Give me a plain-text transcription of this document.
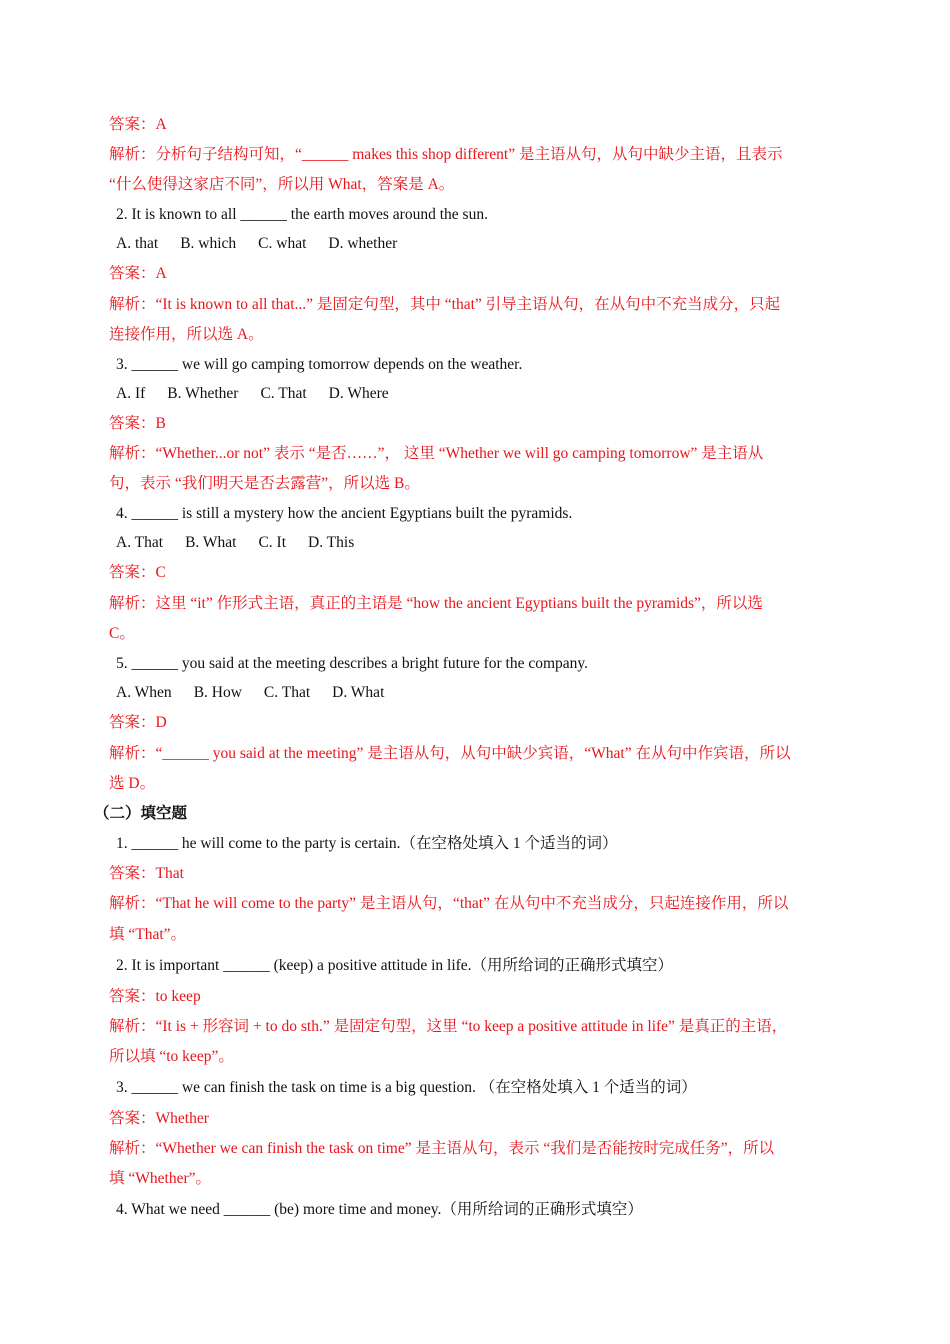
答案：A
解析：分析句子结构可知，“______ makes this shop different” 是主语从句，从句中缺少主语，且表示
“什么使得这家店不同”，所以用 What，答案是 A。
2. It is known to all ______ the earth moves around the sun.
A. that B. which C. what D. whether
答案：A
解析：“It is known to all that...” 是固定句型，其中 “that” 引导主语从句，在从句中不充当成分，只起
连接作用，所以选 A。
3. ______ we will go camping tomorrow depends on the weather.
A. If B. Whether C. That D. Where
答案：B
解析：“Whether...or not” 表示 “是否……”， 这里 “Whether we will go camping tomorrow” 是主语从
句，表示 “我们明天是否去露营”，所以选 B。
4. ______ is still a mystery how the ancient Egyptians built the pyramids.
A. That B. What C. It D. This
答案：C
解析：这里 “it” 作形式主语，真正的主语是 “how the ancient Egyptians built the pyramids”，所以选
C。
5. ______ you said at the meeting describes a bright future for the company.
A. When B. How C. That D. What
答案：D
解析：“______ you said at the meeting” 是主语从句，从句中缺少宾语，“What” 在从句中作宾语，所以
选 D。
（二）填空题
1. ______ he will come to the party is certain.（在空格处填入 1 个适当的词）
答案：That
解析：“That he will come to the party” 是主语从句，“that” 在从句中不充当成分，只起连接作用，所以
填 “That”。
2. It is important ______ (keep) a positive attitude in life.（用所给词的正确形式填空）
答案：to keep
解析：“It is + 形容词 + to do sth.” 是固定句型，这里 “to keep a positive attitude in life” 是真正的主语，
所以填 “to keep”。
3. ______ we can finish the task on time is a big question. （在空格处填入 1 个适当的词）
答案：Whether
解析：“Whether we can finish the task on time” 是主语从句，表示 “我们是否能按时完成任务”，所以
填 “Whether”。
4. What we need ______ (be) more time and money.（用所给词的正确形式填空）
